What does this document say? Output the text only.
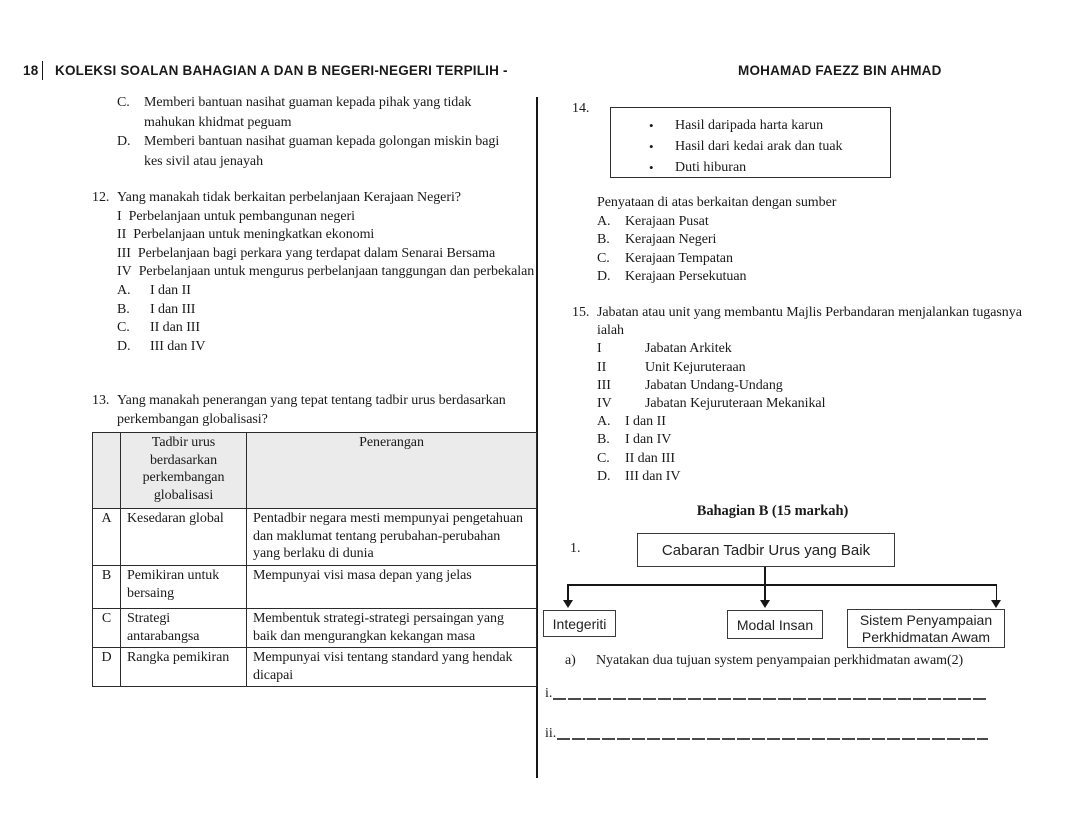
18 KOLEKSI SOALAN BAHAGIAN A DAN B NEGERI-NEGERI TERPILIH -	MOHAMAD FAEZZ BIN AHMAD
C.	Memberi bantuan nasihat guaman kepada pihak yang tidak mahukan khidmat peguam
D. Memberi bantuan nasihat guaman kepada golongan miskin bagi kes sivil atau jenayah
12. Yang manakah tidak berkaitan perbelanjaan Kerajaan Negeri?
I Perbelanjaan untuk pembangunan negeri
II Perbelanjaan untuk meningkatkan ekonomi
III Perbelanjaan bagi perkara yang terdapat dalam Senarai Bersama
IV Perbelanjaan untuk mengurus perbelanjaan tanggungan dan perbekalan
A.	I dan II
B.	I dan III
C.	II dan III
D.	III dan IV
13. Yang manakah penerangan yang tepat tentang tadbir urus berdasarkan perkembangan globalisasi?
	Tadbir urus berdasarkan perkembangan globalisasi	Penerangan
A	Kesedaran global	Pentadbir negara mesti mempunyai pengetahuan dan maklumat tentang perubahan-perubahan yang berlaku di dunia
B	Pemikiran untuk bersaing	Mempunyai visi masa depan yang jelas
C	Strategi antarabangsa	Membentuk strategi-strategi persaingan yang baik dan mengurangkan kekangan masa
D	Rangka pemikiran	Mempunyai visi tentang standard yang hendak dicapai
14.
•	Hasil daripada harta karun
•	Hasil dari kedai arak dan tuak
•	Duti hiburan
Penyataan di atas berkaitan dengan sumber
A.	Kerajaan Pusat
B.	Kerajaan Negeri
C.	Kerajaan Tempatan
D.	Kerajaan Persekutuan
15. Jabatan atau unit yang membantu Majlis Perbandaran menjalankan tugasnya ialah
I	Jabatan Arkitek
II	Unit Kejuruteraan
III	Jabatan Undang-Undang
IV	Jabatan Kejuruteraan Mekanikal
A.	I dan II
B.	I dan IV
C.	II dan III
D.	III dan IV
Bahagian B (15 markah)
1.	Cabaran Tadbir Urus yang Baik
Integeriti	Modal Insan	Sistem Penyampaian Perkhidmatan Awam
a)	Nyatakan dua tujuan system penyampaian perkhidmatan awam(2)
i.
ii.
